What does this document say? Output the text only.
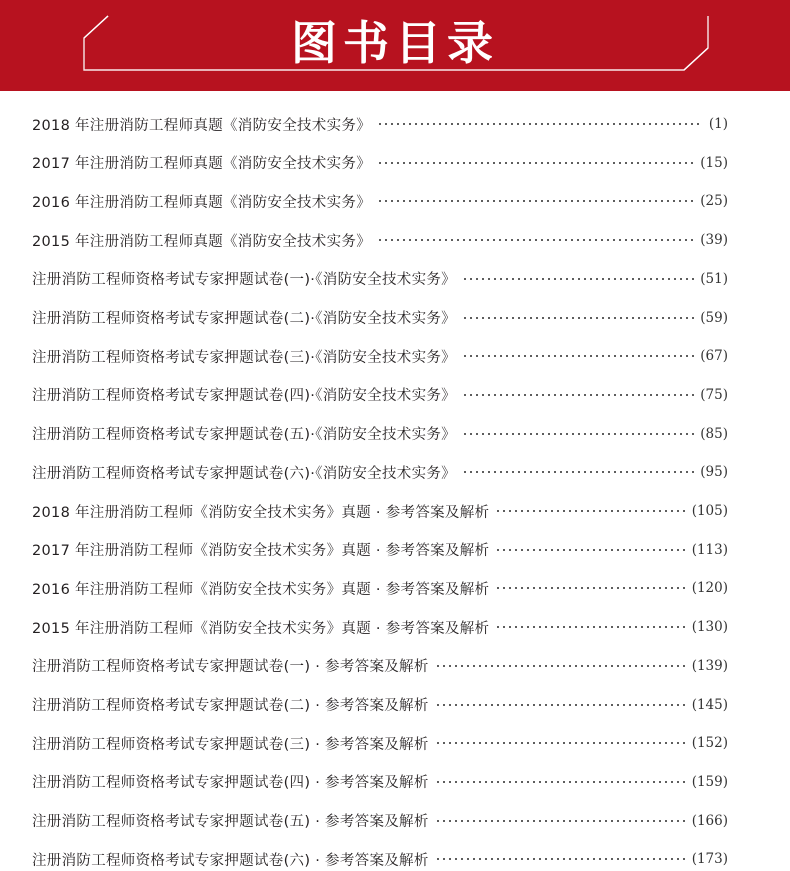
图书目录
2018 年注册消防工程师真题《消防安全技术实务》	(1)
2017 年注册消防工程师真题《消防安全技术实务》	(15)
2016 年注册消防工程师真题《消防安全技术实务》	(25)
2015 年注册消防工程师真题《消防安全技术实务》	(39)
注册消防工程师资格考试专家押题试卷(一)·《消防安全技术实务》	(51)
注册消防工程师资格考试专家押题试卷(二)·《消防安全技术实务》	(59)
注册消防工程师资格考试专家押题试卷(三)·《消防安全技术实务》	(67)
注册消防工程师资格考试专家押题试卷(四)·《消防安全技术实务》	(75)
注册消防工程师资格考试专家押题试卷(五)·《消防安全技术实务》	(85)
注册消防工程师资格考试专家押题试卷(六)·《消防安全技术实务》	(95)
2018 年注册消防工程师《消防安全技术实务》真题 · 参考答案及解析	(105)
2017 年注册消防工程师《消防安全技术实务》真题 · 参考答案及解析	(113)
2016 年注册消防工程师《消防安全技术实务》真题 · 参考答案及解析	(120)
2015 年注册消防工程师《消防安全技术实务》真题 · 参考答案及解析	(130)
注册消防工程师资格考试专家押题试卷(一) · 参考答案及解析	(139)
注册消防工程师资格考试专家押题试卷(二) · 参考答案及解析	(145)
注册消防工程师资格考试专家押题试卷(三) · 参考答案及解析	(152)
注册消防工程师资格考试专家押题试卷(四) · 参考答案及解析	(159)
注册消防工程师资格考试专家押题试卷(五) · 参考答案及解析	(166)
注册消防工程师资格考试专家押题试卷(六) · 参考答案及解析	(173)
